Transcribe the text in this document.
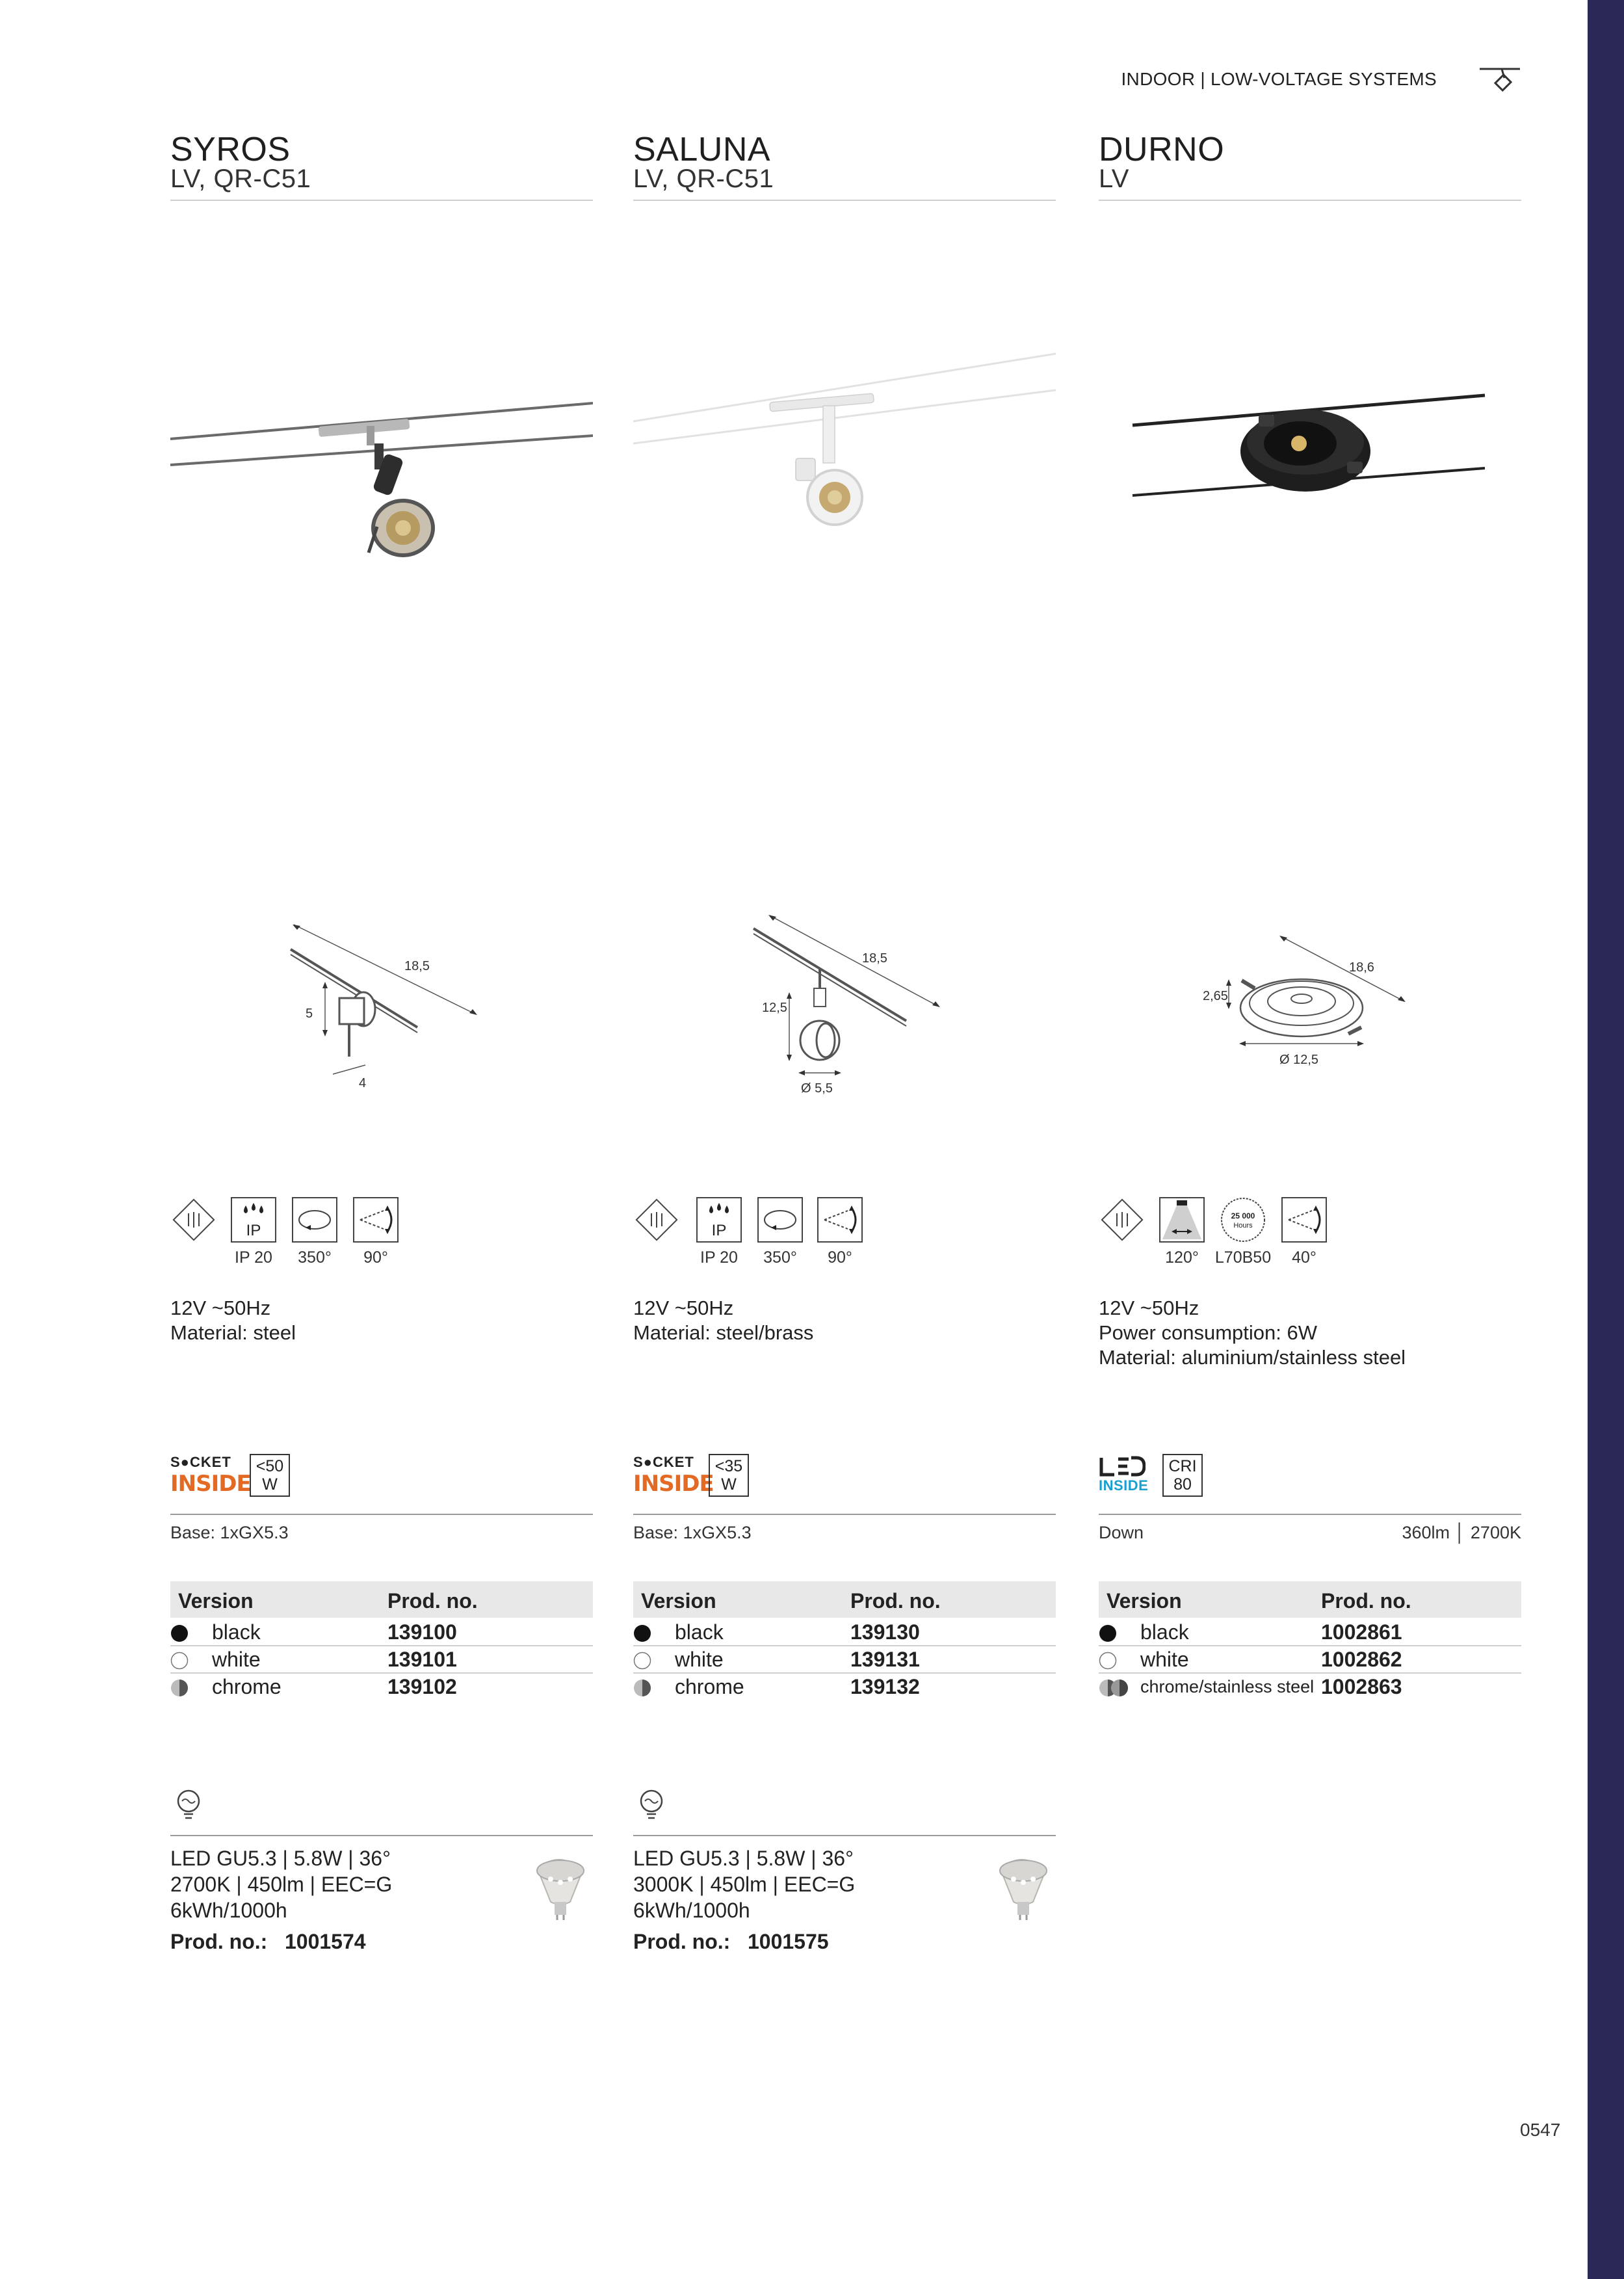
INDOOR | LOW-VOLTAGE SYSTEMS
SYROS
LV, QR-C51
18,5
5
4
IP
IP 20 350° 90°
12V ~50Hz
Material: steel
S●CKET
INSIDE
<50
W
Base: 1xGX5.3
Version	Prod. no.
black	139100
white	139101
chrome	139102
LED GU5.3 | 5.8W | 36°
2700K | 450lm | EEC=G
6kWh/1000h
Prod. no.: 1001574
SALUNA
LV, QR-C51
18,5
12,5
Ø 5,5
IP
IP 20 350° 90°
12V ~50Hz
Material: steel/brass
S●CKET
INSIDE
<35
W
Base: 1xGX5.3
Version	Prod. no.
black	139130
white	139131
chrome	139132
LED GU5.3 | 5.8W | 36°
3000K | 450lm | EEC=G
6kWh/1000h
Prod. no.: 1001575
DURNO
LV
18,6
2,65
Ø 12,5
25 000
Hours
120° L70B50 40°
12V ~50Hz
Power consumption: 6W
Material: aluminium/stainless steel
INSIDE
CRI
80
Down	360lm │ 2700K
Version	Prod. no.
black	1002861
white	1002862
chrome/stainless steel 1002863
0547
